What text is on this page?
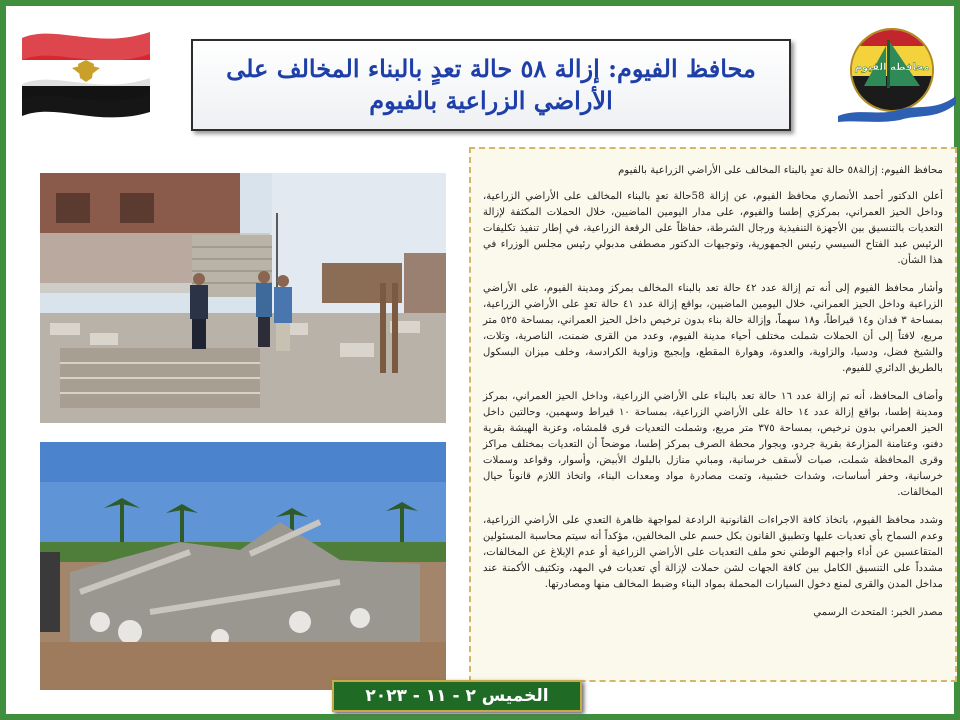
محافظ الفيوم: إزالة ٥٨ حالة تعدٍ بالبناء المخالف على الأراضي الزراعية بالفيوم
محافظة الفيوم

محافظ الفيوم: إزالة٥٨ حالة تعدٍ بالبناء المخالف على الأراضي الزراعية بالفيوم

أعلن الدكتور أحمد الأنصاري محافظ الفيوم، عن إزالة 58حالة تعدٍ بالبناء المخالف على الأراضي الزراعية، وداخل الحيز العمراني، بمركزي إطسا والفيوم، على مدار اليومين الماضيين، خلال الحملات المكثفة لإزالة التعديات بالتنسيق بين الأجهزة التنفيذية ورجال الشرطة، حفاظاً على الرقعة الزراعية، في إطار تنفيذ تكليفات الرئيس عبد الفتاح السيسي رئيس الجمهورية، وتوجيهات الدكتور مصطفى مدبولي رئيس مجلس الوزراء في هذا الشأن.

وأشار محافظ الفيوم إلى أنه تم إزالة عدد ٤٢ حالة تعد بالبناء المخالف بمركز ومدينة الفيوم، على الأراضي الزراعية وداخل الحيز العمراني، خلال اليومين الماضيين، بواقع إزالة عدد ٤١ حالة تعدٍ على الأراضي الزراعية، بمساحة ٣ فدان و١٤ قيراطاً، و١٨ سهماً، وإزالة حالة بناء بدون ترخيص داخل الحيز العمراني، بمساحة ٥٢٥ متر مربع، لافتاً إلى أن الحملات شملت مختلف أحياء مدينة الفيوم، وعدد من القرى ضمنت، الناصرية، وتلات، والشيخ فضل، ودسيا، والزاوية، والعدوة، وهوارة المقطع، وإبجيج وزاوية الكرادسة، وخلف ميزان البسكول بالطريق الدائري للفيوم.

وأضاف المحافظ، أنه تم إزالة عدد ١٦ حالة تعد بالبناء على الأراضي الزراعية، وداخل الحيز العمراني، بمركز ومدينة إطسا، بواقع إزالة عدد ١٤ حالة على الأراضي الزراعية، بمساحة ١٠ قيراط وسهمين، وحالتين داخل الحيز العمراني بدون ترخيص، بمساحة ٣٧٥ متر مربع، وشملت التعديات قرى قلمشاه، وعزبة الهيشة بقرية دفنو، وعتامنة المزارعة بقرية جردو، وبجوار محطة الصرف بمركز إطسا، موضحاً أن التعديات بمختلف مراكز وقرى المحافظة شملت، صبات لأسقف خرسانية، ومباني منازل بالبلوك الأبيض، وأسوار، وقواعد وسملات خرسانية، وحفر أساسات، وشدات خشبية، وتمت مصادرة مواد ومعدات البناء، واتخاذ اللازم قانوناً حيال المخالفات.

وشدد محافظ الفيوم، باتخاذ كافة الاجراءات القانونية الرادعة لمواجهة ظاهرة التعدي على الأراضي الزراعية، وعدم السماح بأي تعديات عليها وتطبيق القانون بكل حسم على المخالفين، مؤكداً أنه سيتم محاسبة المسئولين المتقاعسين عن أداء واجبهم الوطني نحو ملف التعديات على الأراضي الزراعية أو عدم الإبلاغ عن المخالفات، مشدداً على التنسيق الكامل بين كافة الجهات لشن حملات لإزالة أي تعديات في المهد، وتكثيف الأكمنة عند مداخل المدن والقرى لمنع دخول السيارات المحملة بمواد البناء وضبط المخالف منها ومصادرتها.

مصدر الخبر: المتحدث الرسمي

الخميس ٢ - ١١ - ٢٠٢٣
